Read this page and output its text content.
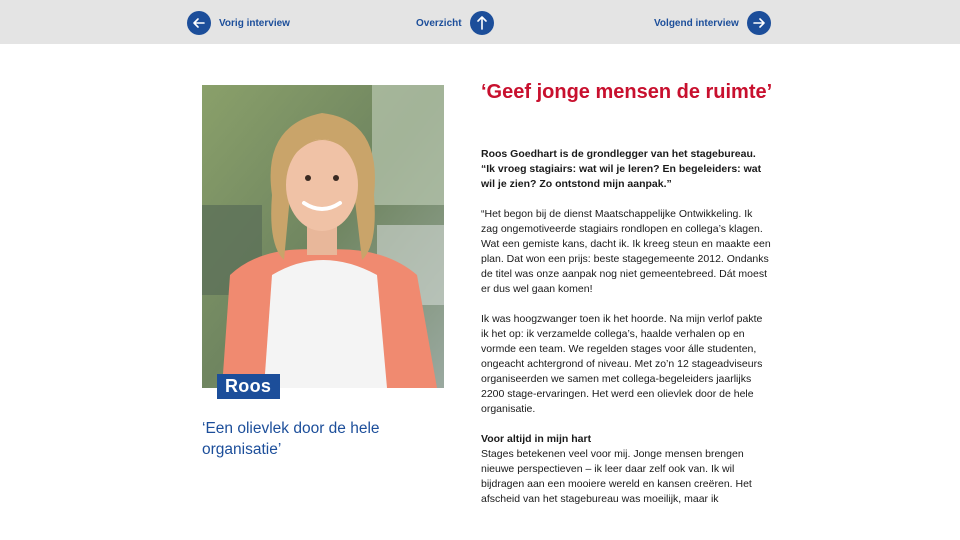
Vorig interview	Overzicht	Volgend interview
Roos
‘Een olievlek door de hele organisatie’
‘Geef jonge mensen de ruimte’
Roos Goedhart is de grondlegger van het stagebureau. “Ik vroeg stagiairs: wat wil je leren? En begeleiders: wat wil je zien? Zo ontstond mijn aanpak.”

“Het begon bij de dienst Maatschappelijke Ontwikkeling. Ik zag ongemotiveerde stagiairs rondlopen en collega’s klagen. Wat een gemiste kans, dacht ik. Ik kreeg steun en maakte een plan. Dat won een prijs: beste stagegemeente 2012. Ondanks de titel was onze aanpak nog niet gemeentebreed. Dát moest er dus wel gaan komen!

Ik was hoogzwanger toen ik het hoorde. Na mijn verlof pakte ik het op: ik verzamelde collega’s, haalde verhalen op en vormde een team. We regelden stages voor álle studenten, ongeacht achtergrond of niveau. Met zo’n 12 stageadviseurs organiseerden we samen met collega-begeleiders jaarlijks 2200 stage-ervaringen. Het werd een olievlek door de hele organisatie.

Voor altijd in mijn hart

Stages betekenen veel voor mij. Jonge mensen brengen nieuwe perspectieven – ik leer daar zelf ook van. Ik wil bijdragen aan een mooiere wereld en kansen creëren. Het afscheid van het stagebureau was moeilijk, maar ik
